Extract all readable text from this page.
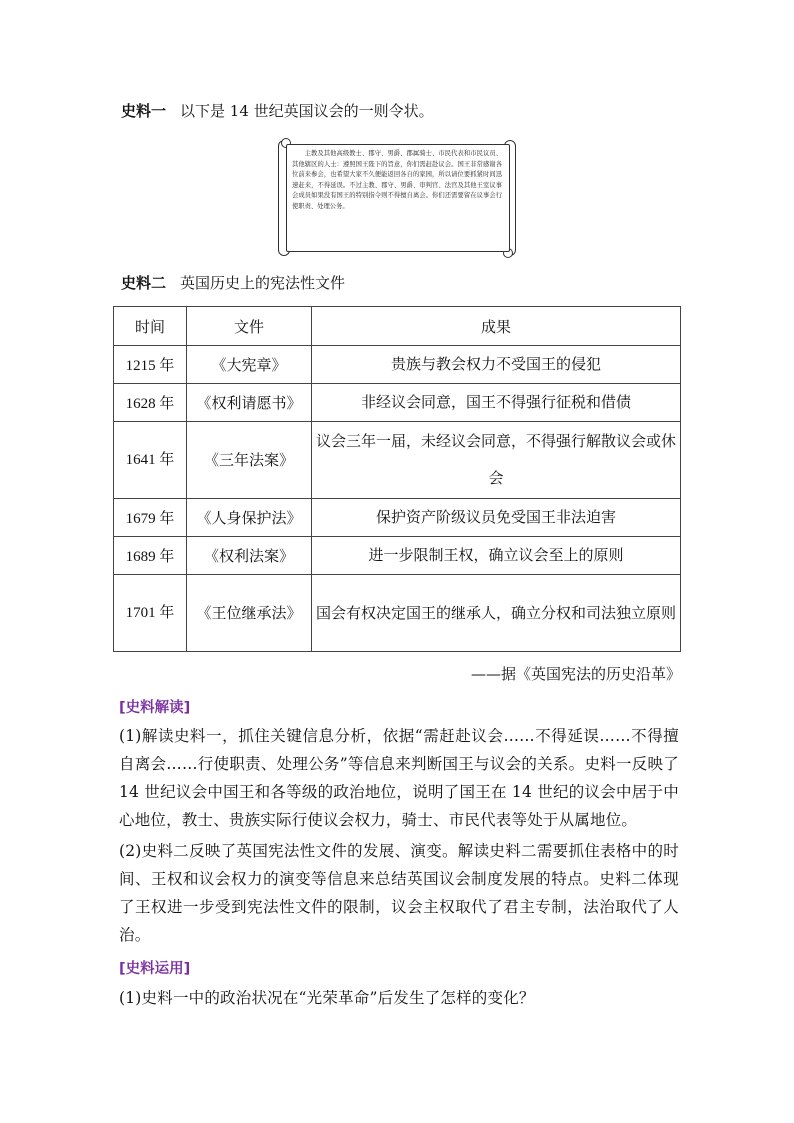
史料一 以下是 14 世纪英国议会的一则令状。

主教及其他高级教士、郡守、男爵、郡属骑士、市民代表和市民议员、其他辖区的人士：遵照国王陛下的旨意，你们需赶赴议会。国王非常感谢各位前来参会，也希望大家不久便能返回各自的家园，所以请位要抓紧时间迅速赶来，不得延误。不过主教、郡守、男爵、审判官、法官及其他王室议事会成员如果没有国王的特别指令则不得擅自离会。你们还需要留在议事会行使职责、处理公务。

史料二 英国历史上的宪法性文件
时间	文件	成果
1215 年	《大宪章》	贵族与教会权力不受国王的侵犯
1628 年	《权利请愿书》	非经议会同意，国王不得强行征税和借债
1641 年	《三年法案》	议会三年一届，未经议会同意，不得强行解散议会或休会
1679 年	《人身保护法》	保护资产阶级议员免受国王非法迫害
1689 年	《权利法案》	进一步限制王权，确立议会至上的原则
1701 年	《王位继承法》	国会有权决定国王的继承人，确立分权和司法独立原则
——据《英国宪法的历史沿革》
[史料解读]

(1)解读史料一，抓住关键信息分析，依据“需赶赴议会……不得延误……不得擅自离会……行使职责、处理公务”等信息来判断国王与议会的关系。史料一反映了 14 世纪议会中国王和各等级的政治地位，说明了国王在 14 世纪的议会中居于中心地位，教士、贵族实际行使议会权力，骑士、市民代表等处于从属地位。

(2)史料二反映了英国宪法性文件的发展、演变。解读史料二需要抓住表格中的时间、王权和议会权力的演变等信息来总结英国议会制度发展的特点。史料二体现了王权进一步受到宪法性文件的限制，议会主权取代了君主专制，法治取代了人治。

[史料运用]

(1)史料一中的政治状况在“光荣革命”后发生了怎样的变化？
